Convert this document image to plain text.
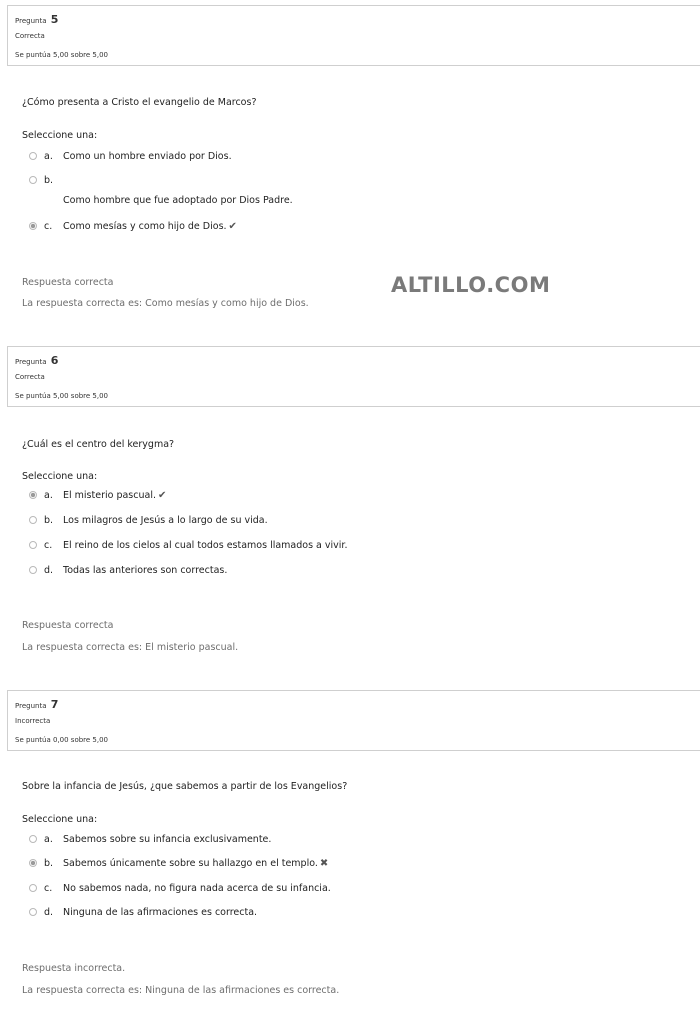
Pregunta 5
Correcta
Se puntúa 5,00 sobre 5,00
¿Cómo presenta a Cristo el evangelio de Marcos?
Seleccione una:
a.	Como un hombre enviado por Dios.
b.
Como hombre que fue adoptado por Dios Padre.
c.	Como mesías y como hijo de Dios. ✔
Respuesta correcta
La respuesta correcta es: Como mesías y como hijo de Dios.
ALTILLO.COM
Pregunta 6
Correcta
Se puntúa 5,00 sobre 5,00
¿Cuál es el centro del kerygma?
Seleccione una:
a.	El misterio pascual. ✔
b.	Los milagros de Jesús a lo largo de su vida.
c.	El reino de los cielos al cual todos estamos llamados a vivir.
d.	Todas las anteriores son correctas.
Respuesta correcta
La respuesta correcta es: El misterio pascual.
Pregunta 7
Incorrecta
Se puntúa 0,00 sobre 5,00
Sobre la infancia de Jesús, ¿que sabemos a partir de los Evangelios?
Seleccione una:
a.	Sabemos sobre su infancia exclusivamente.
b.	Sabemos únicamente sobre su hallazgo en el templo. ✖
c.	No sabemos nada, no figura nada acerca de su infancia.
d.	Ninguna de las afirmaciones es correcta.
Respuesta incorrecta.
La respuesta correcta es: Ninguna de las afirmaciones es correcta.
